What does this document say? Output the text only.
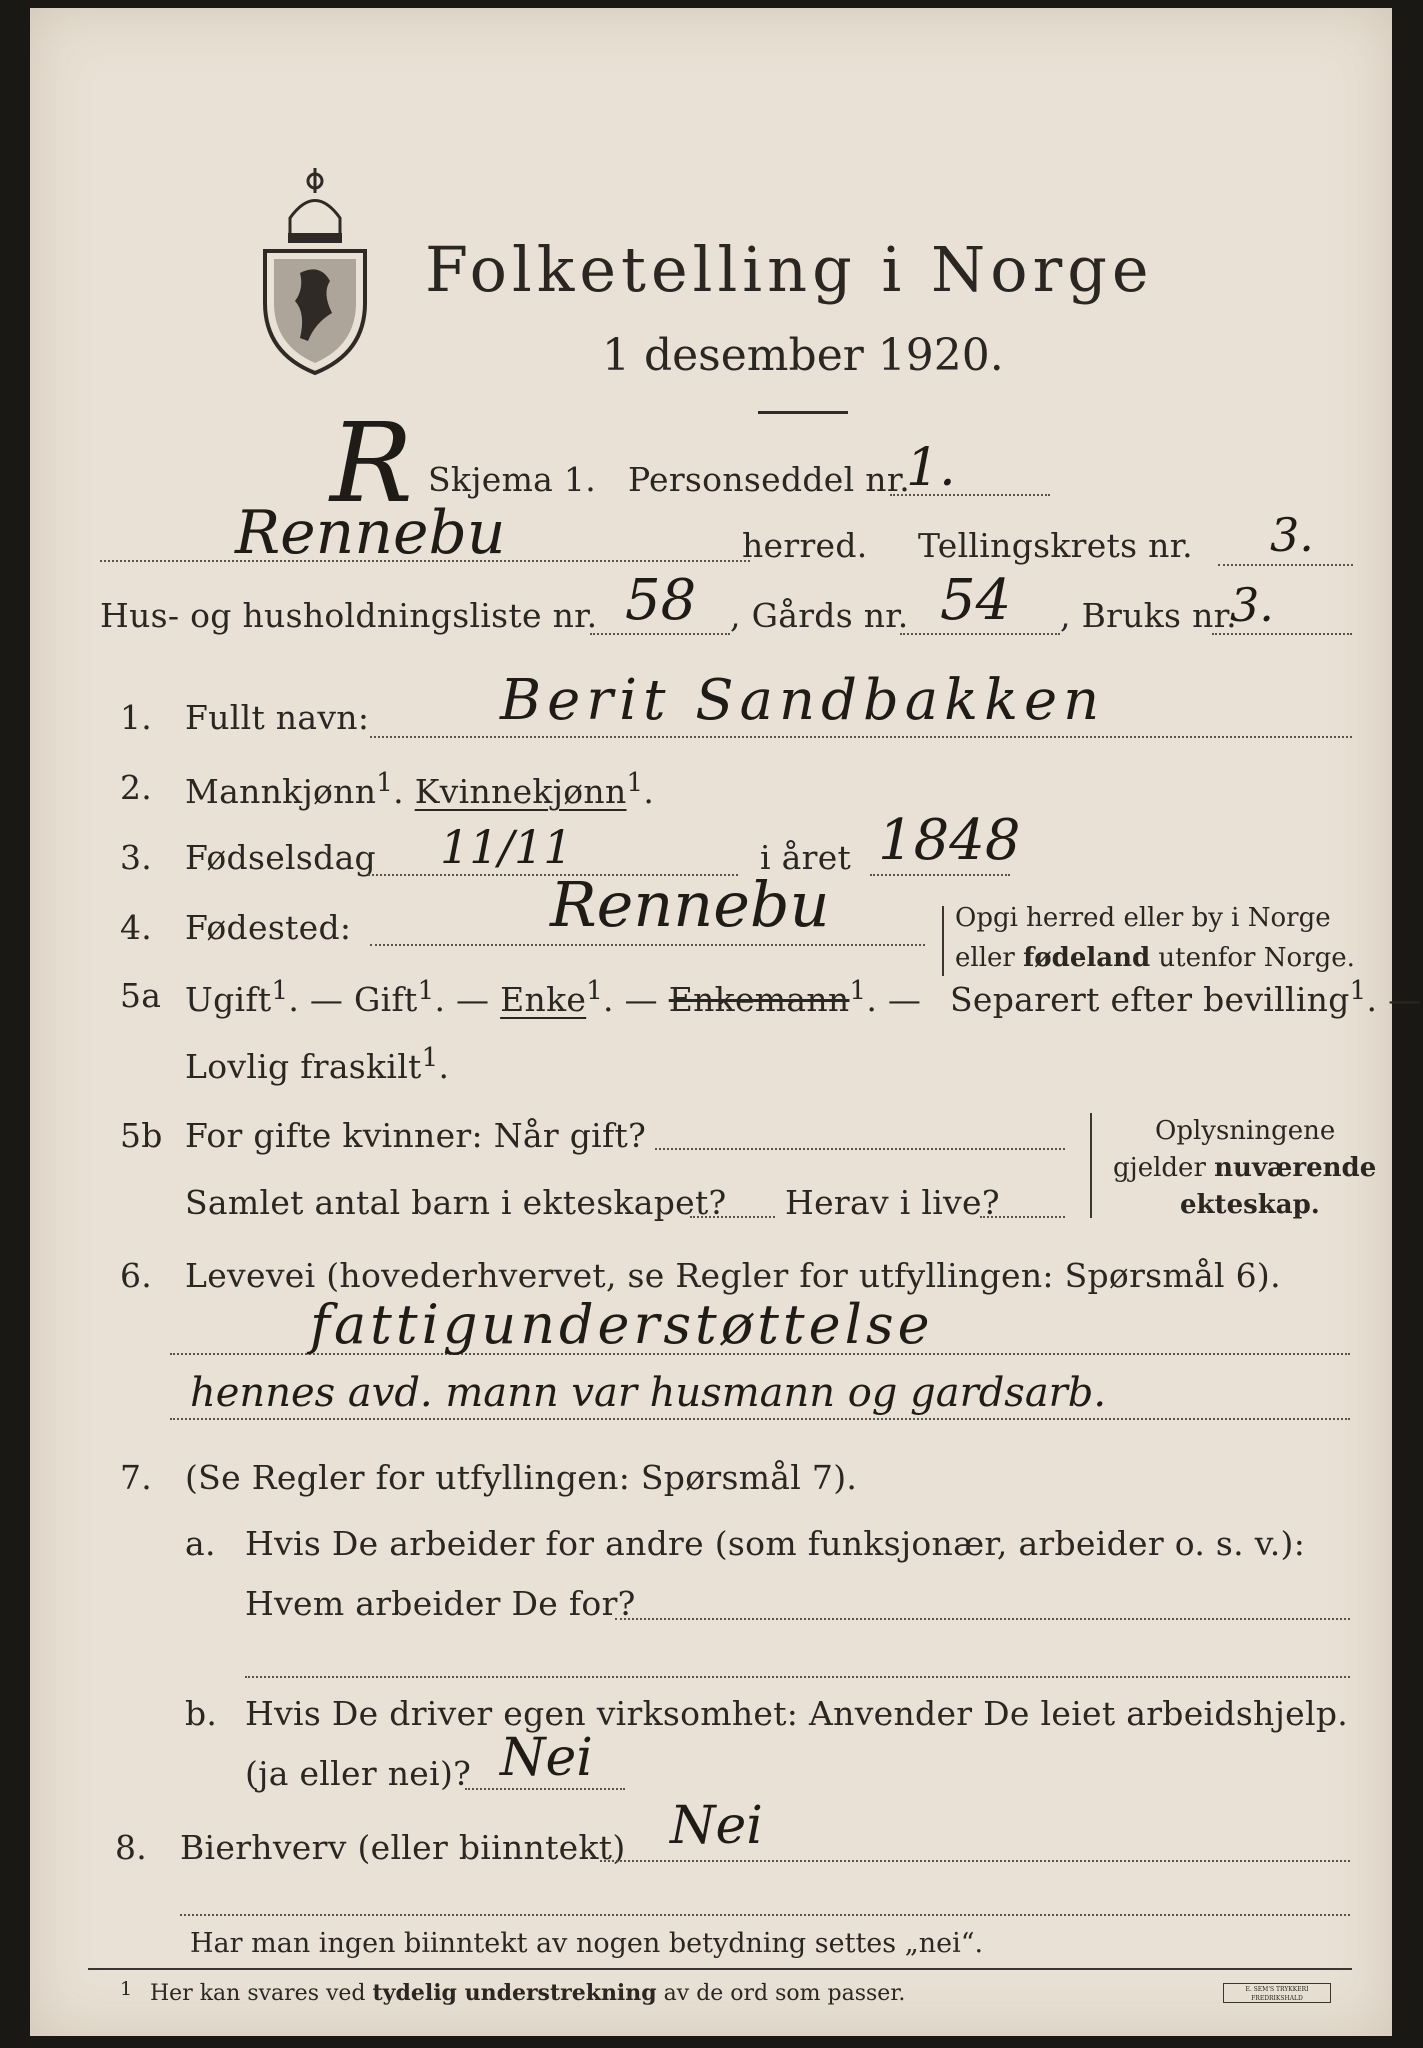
Folketelling i Norge
1 desember 1920.
R Skjema 1. Personseddel nr.
1.
Rennebu	herred. Tellingskrets nr. 3.
Hus- og husholdningsliste nr. 58 , Gårds nr. 54 , Bruks nr.
3.
1. Fullt navn: Berit Sandbakken
2. Mannkjønn$^1$. Kvinnekjønn$^1$.
3. Fødselsdag 11/11	i året 1848
4. Fødested:	Rennebu	Opgi herred eller by i Norge
eller fødeland utenfor Norge.
5a Ugift$^1$. — Gift$^1$. — Enke$^1$. — Enkemann$^1$. — Separert efter bevilling$^1$. —
Lovlig fraskilt$^1$.
5b For gifte kvinner: Når gift?
Samlet antal barn i ekteskapet? Herav i live?
Oplysningene
gjelder nuværende
ekteskap.
6. Levevei (hovederhvervet, se Regler for utfyllingen: Spørsmål 6).
fattigunderstøttelse
hennes avd. mann var husmann og gardsarb.
7. (Se Regler for utfyllingen: Spørsmål 7).
a. Hvis De arbeider for andre (som funksjonær, arbeider o. s. v.):
Hvem arbeider De for?
b. Hvis De driver egen virksomhet: Anvender De leiet arbeidshjelp.
(ja eller nei)? Nei
8. Bierhverv (eller biinntekt) Nei
Har man ingen biinntekt av nogen betydning settes „nei“.
1 Her kan svares ved tydelig understrekning av de ord som passer.	E. SEM'S TRYKKERI FREDRIKSHALD
